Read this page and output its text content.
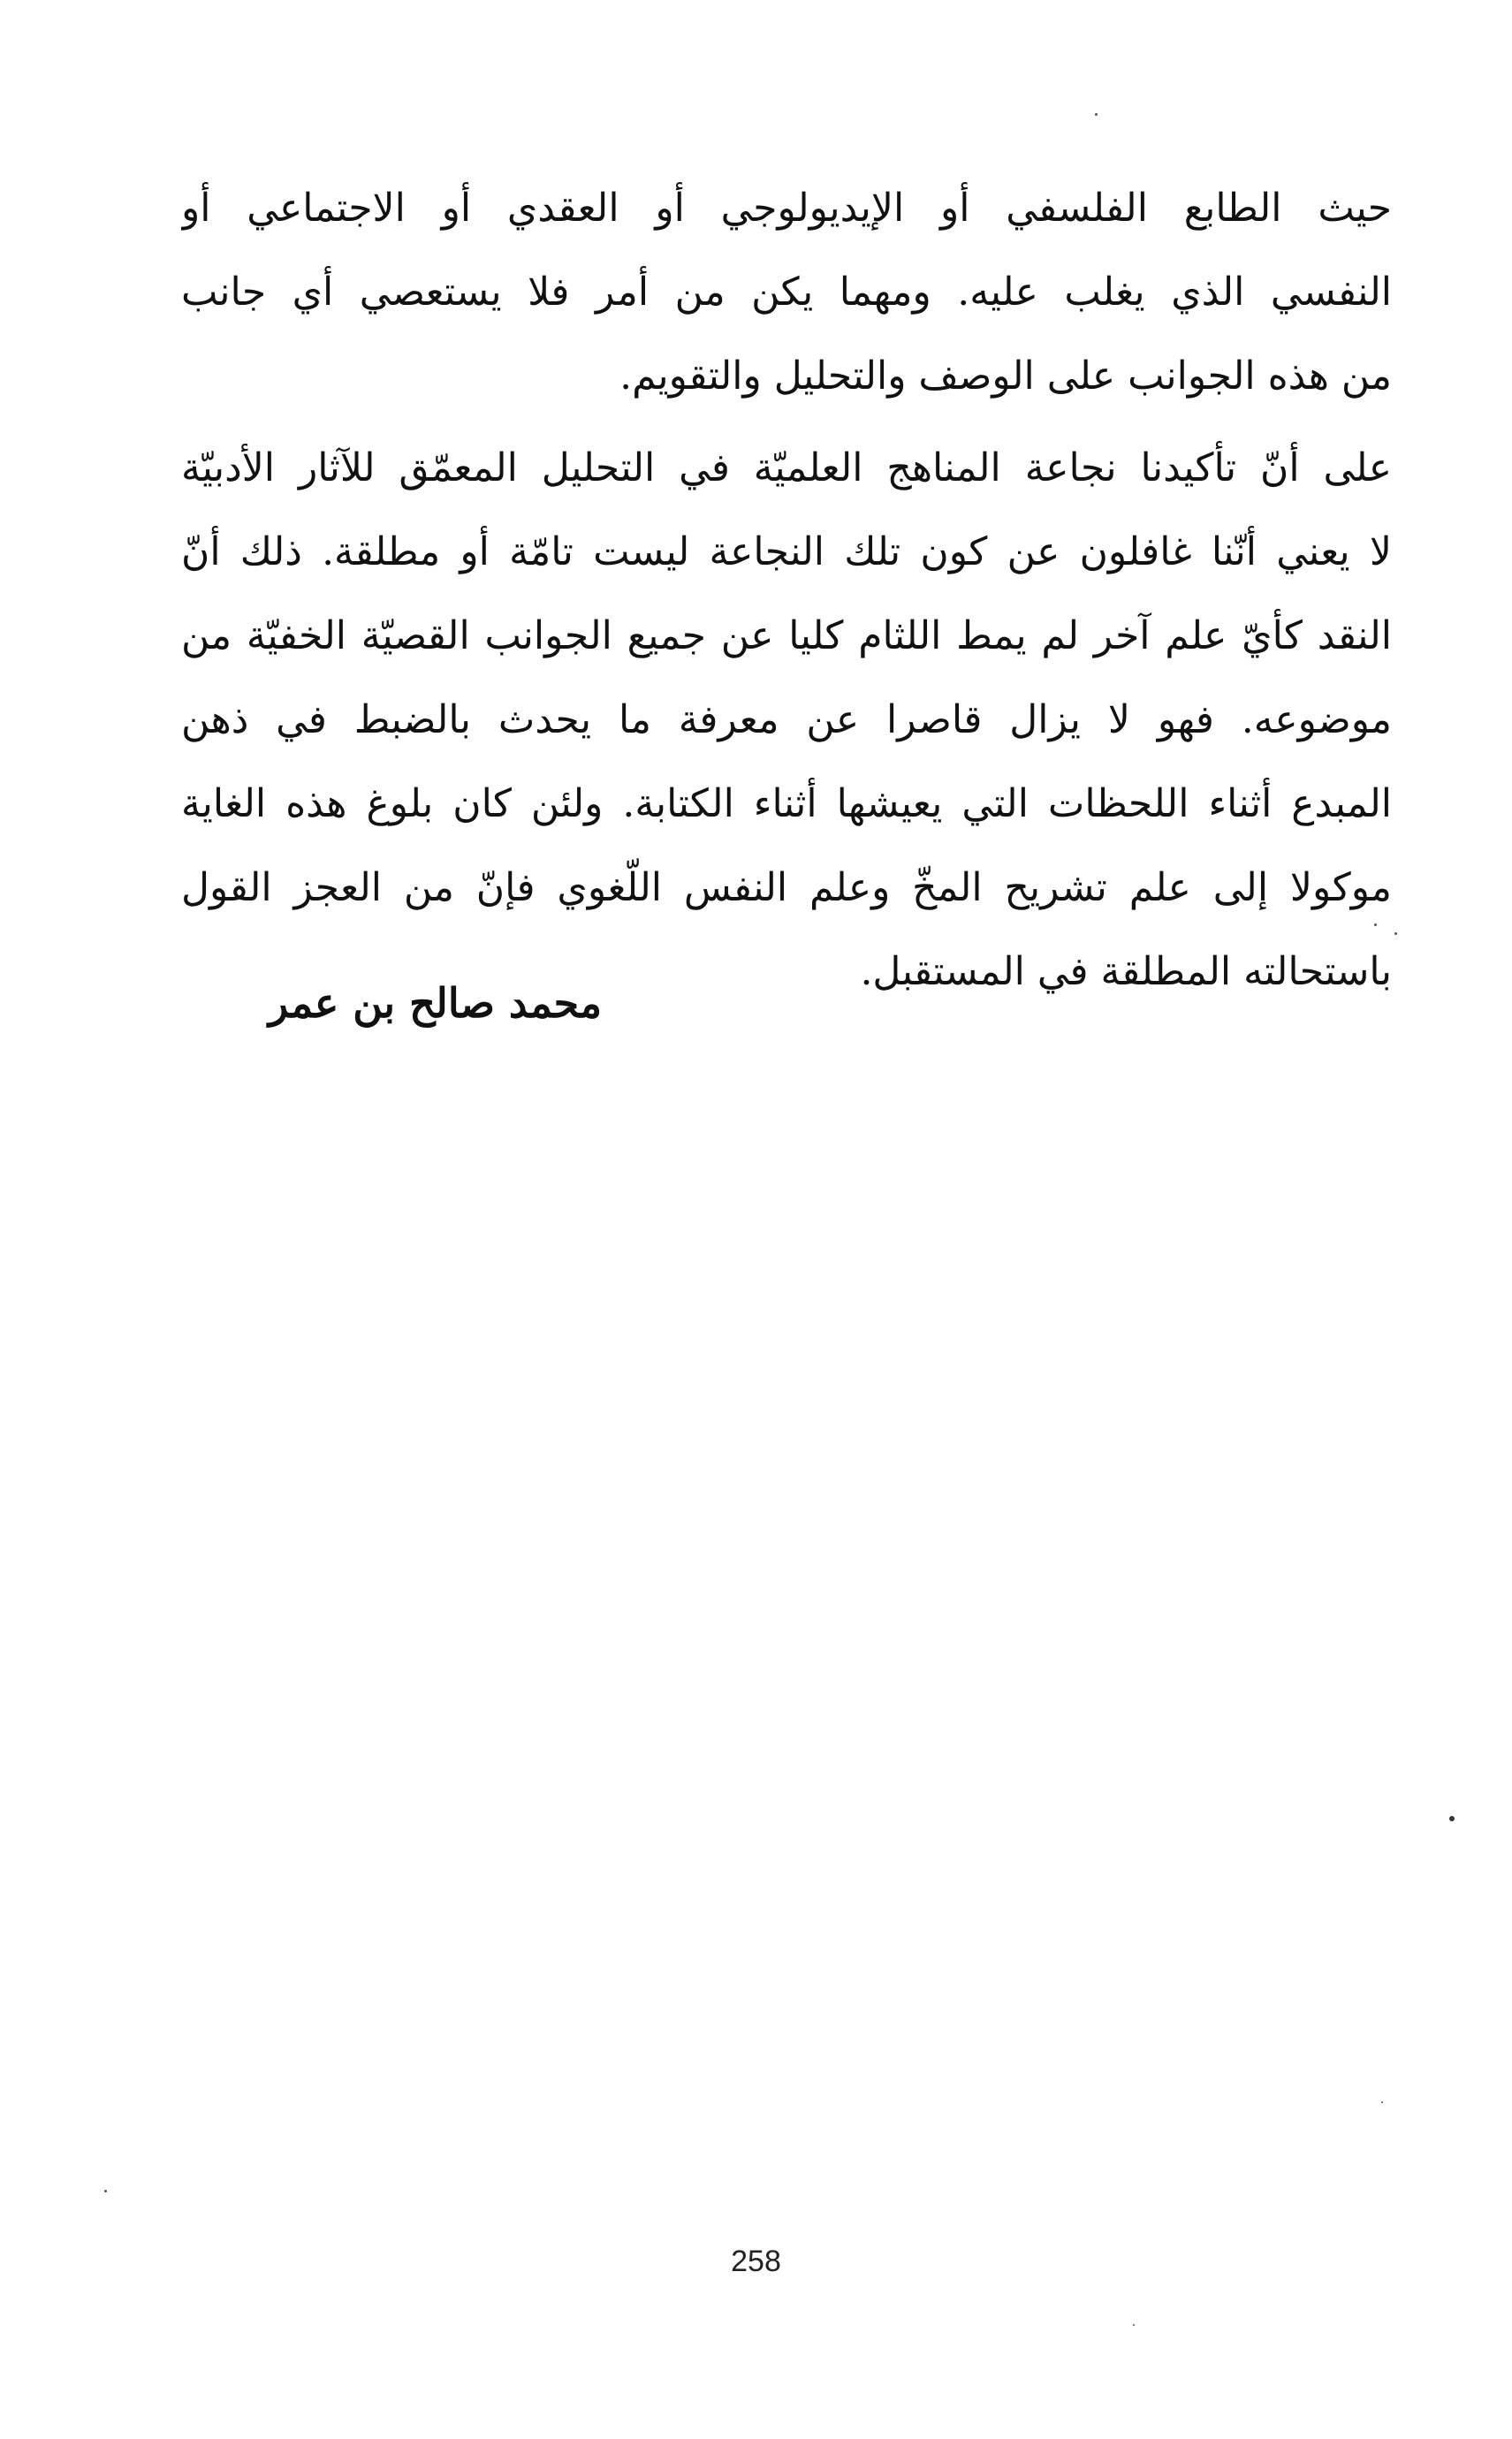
حيث الطابع الفلسفي أو الإيديولوجي أو العقدي أو الاجتماعي أو
النفسي الذي يغلب عليه. ومهما يكن من أمر فلا يستعصي أي جانب
من هذه الجوانب على الوصف والتحليل والتقويم.
على أنّ تأكيدنا نجاعة المناهج العلميّة في التحليل المعمّق للآثار الأدبيّة
لا يعني أنّنا غافلون عن كون تلك النجاعة ليست تامّة أو مطلقة. ذلك أنّ
النقد كأيّ علم آخر لم يمط اللثام كليا عن جميع الجوانب القصيّة الخفيّة من
موضوعه. فهو لا يزال قاصرا عن معرفة ما يحدث بالضبط في ذهن
المبدع أثناء اللحظات التي يعيشها أثناء الكتابة. ولئن كان بلوغ هذه الغاية
موكولا إلى علم تشريح المخّ وعلم النفس اللّغوي فإنّ من العجز القول
باستحالته المطلقة في المستقبل.
محمد صالح بن عمر
258
